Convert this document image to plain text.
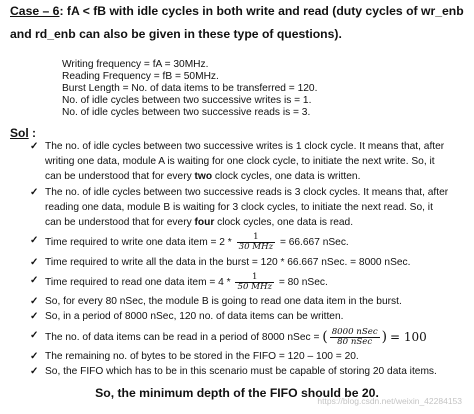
Case – 6: fA < fB with idle cycles in both write and read (duty cycles of wr_enb
and rd_enb can also be given in these type of questions).
Writing frequency = fA = 30MHz.
Reading Frequency = fB = 50MHz.
Burst Length = No. of data items to be transferred = 120.
No. of idle cycles between two successive writes is = 1.
No. of idle cycles between two successive reads is = 3.
Sol :
✓ The no. of idle cycles between two successive writes is 1 clock cycle. It means that, after
writing one data, module A is waiting for one clock cycle, to initiate the next write. So, it
can be understood that for every two clock cycles, one data is written.
✓ The no. of idle cycles between two successive reads is 3 clock cycles. It means that, after
reading one data, module B is waiting for 3 clock cycles, to initiate the next read. So, it
can be understood that for every four clock cycles, one data is read.
✓ Time required to write one data item = $2 * \frac{1}{\text{30 MHz}} = 66.667$ nSec.
✓ Time required to write all the data in the burst = 120 * 66.667 nSec. = 8000 nSec.
✓ Time required to read one data item = $4 * \frac{1}{\text{50 MHz}} = 80$ nSec.
✓ So, for every 80 nSec, the module B is going to read one data item in the burst.
✓ So, in a period of 8000 nSec, 120 no. of data items can be written.
✓ The no. of data items can be read in a period of 8000 nSec = ( $\frac{\text{8000 nSec}}{\text{80 nSec}}$ ) = 100
✓ The remaining no. of bytes to be stored in the FIFO = 120 – 100 = 20.
✓ So, the FIFO which has to be in this scenario must be capable of storing 20 data items.
So, the minimum depth of the FIFO should be 20.
https://blog.csdn.net/weixin_42284153
